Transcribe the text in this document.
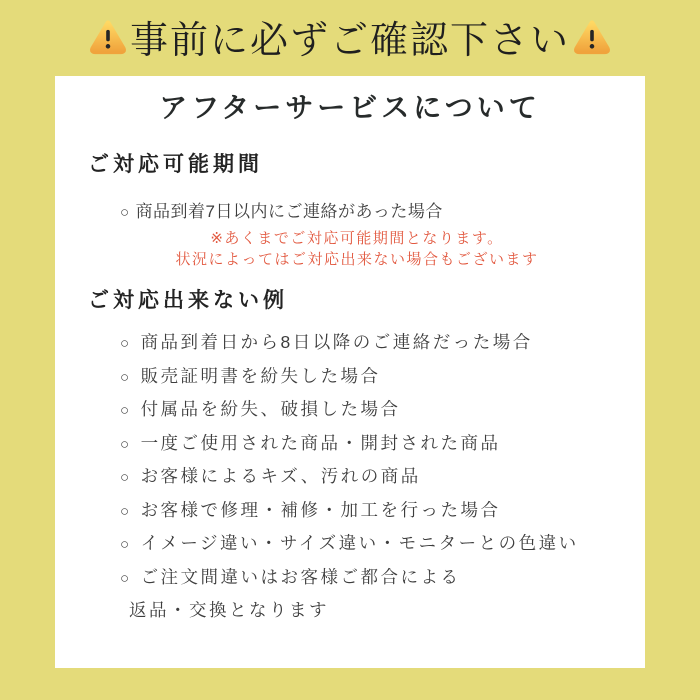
事前に必ずご確認下さい
アフターサービスについて
ご対応可能期間
○ 商品到着7日以内にご連絡があった場合
※あくまでご対応可能期間となります。
状況によってはご対応出来ない場合もございます
ご対応出来ない例
○ 商品到着日から8日以降のご連絡だった場合
○ 販売証明書を紛失した場合
○ 付属品を紛失、破損した場合
○ 一度ご使用された商品・開封された商品
○ お客様によるキズ、汚れの商品
○ お客様で修理・補修・加工を行った場合
○ イメージ違い・サイズ違い・モニターとの色違い
○ ご注文間違いはお客様ご都合による
返品・交換となります
